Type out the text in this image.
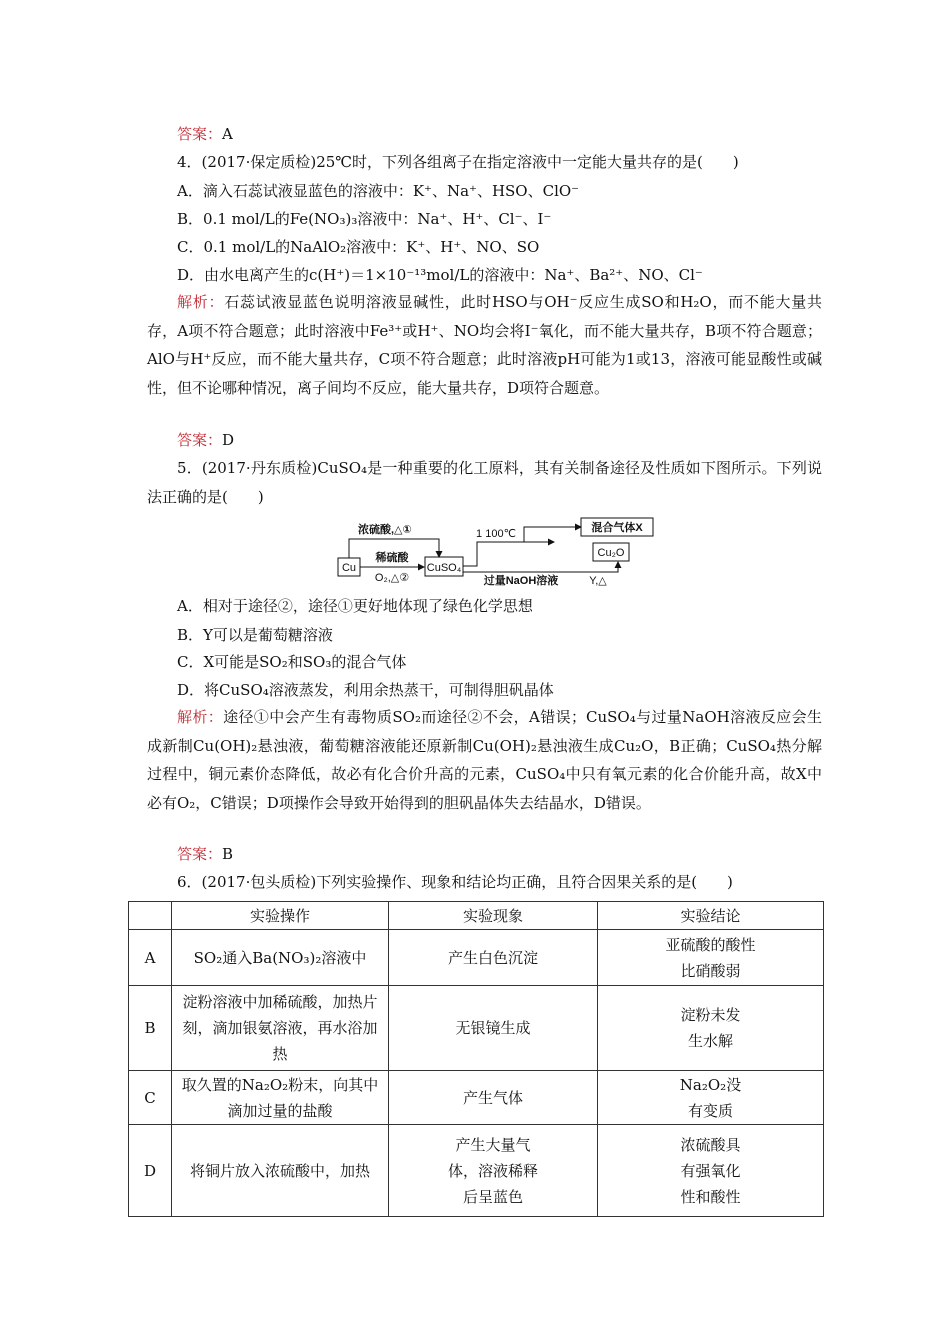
答案：A
4．(2017·保定质检)25℃时，下列各组离子在指定溶液中一定能大量共存的是(　　)
A．滴入石蕊试液显蓝色的溶液中：K⁺、Na⁺、HSO、ClO⁻
B．0.1 mol/L的Fe(NO₃)₃溶液中：Na⁺、H⁺、Cl⁻、I⁻
C．0.1 mol/L的NaAlO₂溶液中：K⁺、H⁺、NO、SO
D．由水电离产生的c(H⁺)＝1×10⁻¹³mol/L的溶液中：Na⁺、Ba²⁺、NO、Cl⁻
解析：石蕊试液显蓝色说明溶液显碱性，此时HSO与OH⁻反应生成SO和H₂O，而不能大量共存，A项不符合题意；此时溶液中Fe³⁺或H⁺、NO均会将I⁻氧化，而不能大量共存，B项不符合题意；AlO与H⁺反应，而不能大量共存，C项不符合题意；此时溶液pH可能为1或13，溶液可能显酸性或碱性，但不论哪种情况，离子间均不反应，能大量共存，D项符合题意。
答案：D
5．(2017·丹东质检)CuSO₄是一种重要的化工原料，其有关制备途径及性质如下图所示。下列说法正确的是(　　)
Cu	CuSO₄
浓硫酸,△①
稀硫酸
O₂,△②
1 100℃	混合气体X
Cu₂O
过量NaOH溶液	Y,△
A．相对于途径②，途径①更好地体现了绿色化学思想
B．Y可以是葡萄糖溶液
C．X可能是SO₂和SO₃的混合气体
D．将CuSO₄溶液蒸发，利用余热蒸干，可制得胆矾晶体
解析：途径①中会产生有毒物质SO₂而途径②不会，A错误；CuSO₄与过量NaOH溶液反应会生成新制Cu(OH)₂悬浊液，葡萄糖溶液能还原新制Cu(OH)₂悬浊液生成Cu₂O，B正确；CuSO₄热分解过程中，铜元素价态降低，故必有化合价升高的元素，CuSO₄中只有氧元素的化合价能升高，故X中必有O₂，C错误；D项操作会导致开始得到的胆矾晶体失去结晶水，D错误。
答案：B
6．(2017·包头质检)下列实验操作、现象和结论均正确，且符合因果关系的是(　　)
	实验操作	实验现象	实验结论
A	SO₂通入Ba(NO₃)₂溶液中	产生白色沉淀	亚硫酸的酸性比硝酸弱

B	淀粉溶液中加稀硫酸，加热片刻，滴加银氨溶液，再水浴加热	无银镜生成	淀粉未发生水解

C	取久置的Na₂O₂粉末，向其中滴加过量的盐酸	产生气体	Na₂O₂没有变质

D	将铜片放入浓硫酸中，加热	产生大量气体，溶液稀释后呈蓝色	浓硫酸具有强氧化性和酸性
